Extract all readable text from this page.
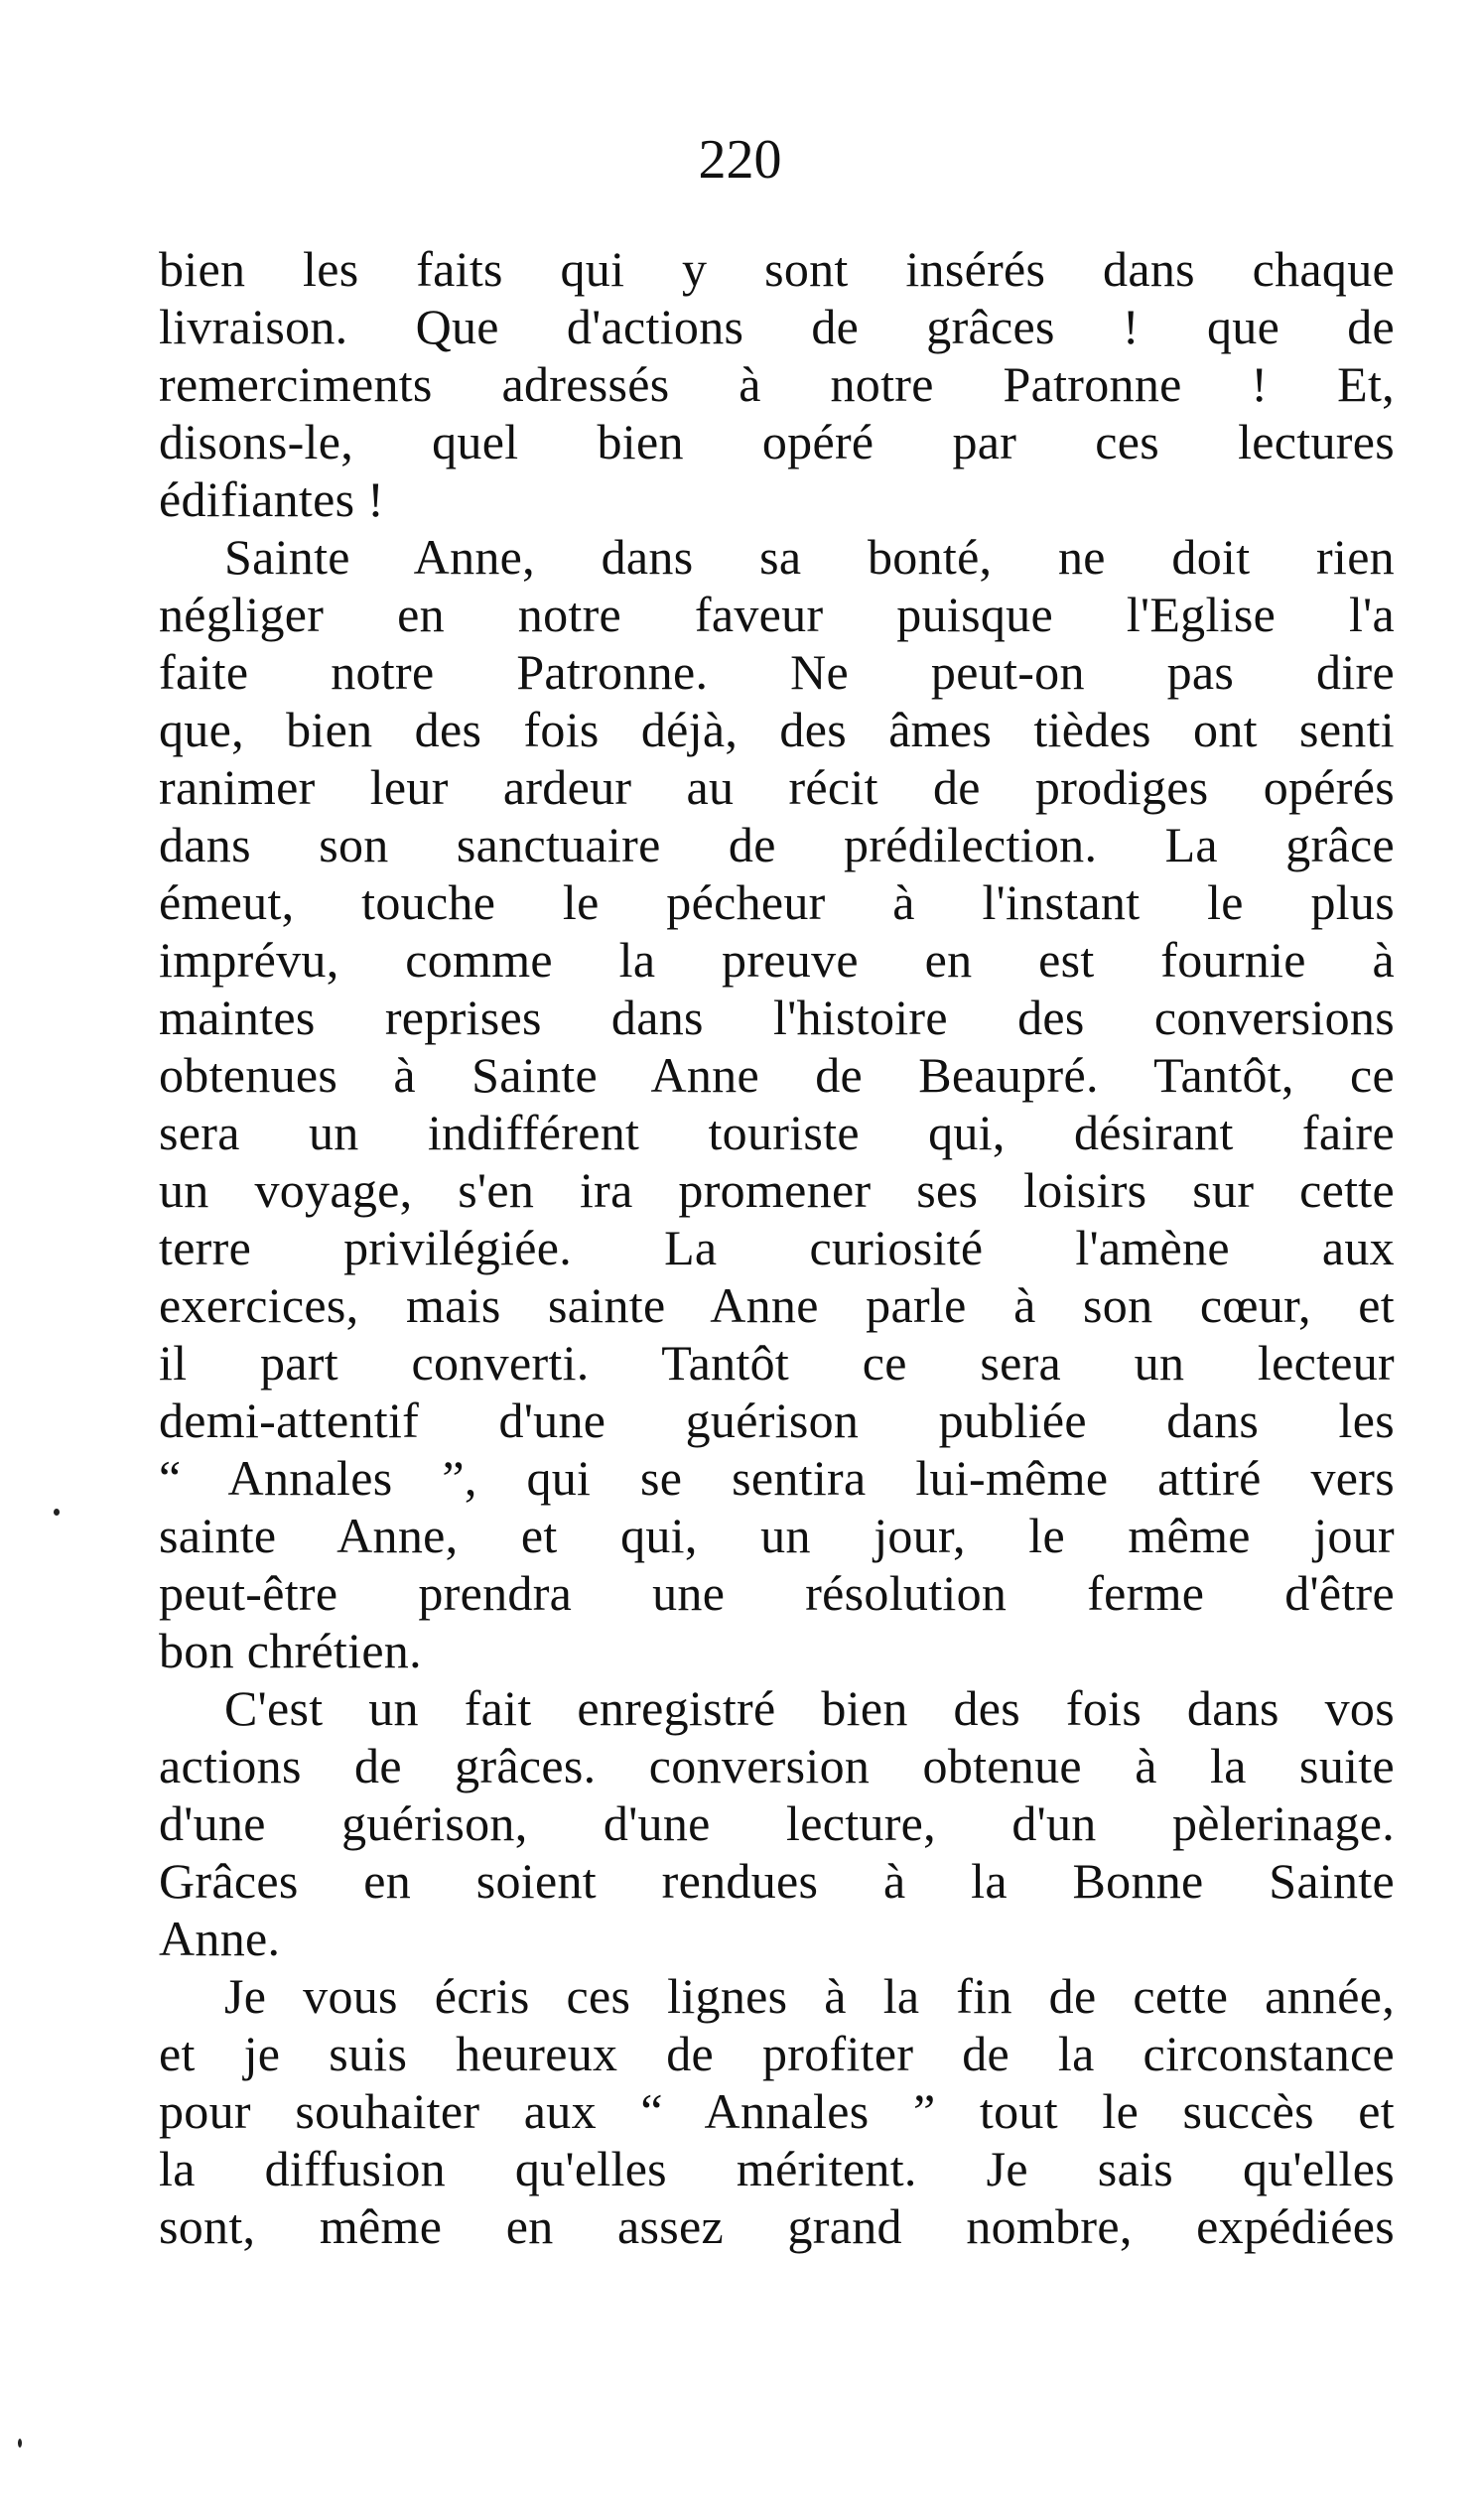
220
bien les faits qui y sont insérés dans chaque
livraison. Que d'actions de grâces ! que de
remerciments adressés à notre Patronne ! Et,
disons-le, quel bien opéré par ces lectures
édifiantes !
Sainte Anne, dans sa bonté, ne doit rien
négliger en notre faveur puisque l'Eglise l'a
faite notre Patronne. Ne peut-on pas dire
que, bien des fois déjà, des âmes tièdes ont senti
ranimer leur ardeur au récit de prodiges opérés
dans son sanctuaire de prédilection. La grâce
émeut, touche le pécheur à l'instant le plus
imprévu, comme la preuve en est fournie à
maintes reprises dans l'histoire des conversions
obtenues à Sainte Anne de Beaupré. Tantôt, ce
sera un indifférent touriste qui, désirant faire
un voyage, s'en ira promener ses loisirs sur cette
terre privilégiée. La curiosité l'amène aux
exercices, mais sainte Anne parle à son cœur, et
il part converti. Tantôt ce sera un lecteur
demi-attentif d'une guérison publiée dans les
“ Annales ”, qui se sentira lui-même attiré vers
sainte Anne, et qui, un jour, le même jour
peut-être prendra une résolution ferme d'être
bon chrétien.
C'est un fait enregistré bien des fois dans vos
actions de grâces. conversion obtenue à la suite
d'une guérison, d'une lecture, d'un pèlerinage.
Grâces en soient rendues à la Bonne Sainte
Anne.
Je vous écris ces lignes à la fin de cette année,
et je suis heureux de profiter de la circonstance
pour souhaiter aux “ Annales ” tout le succès et
la diffusion qu'elles méritent. Je sais qu'elles
sont, même en assez grand nombre, expédiées
